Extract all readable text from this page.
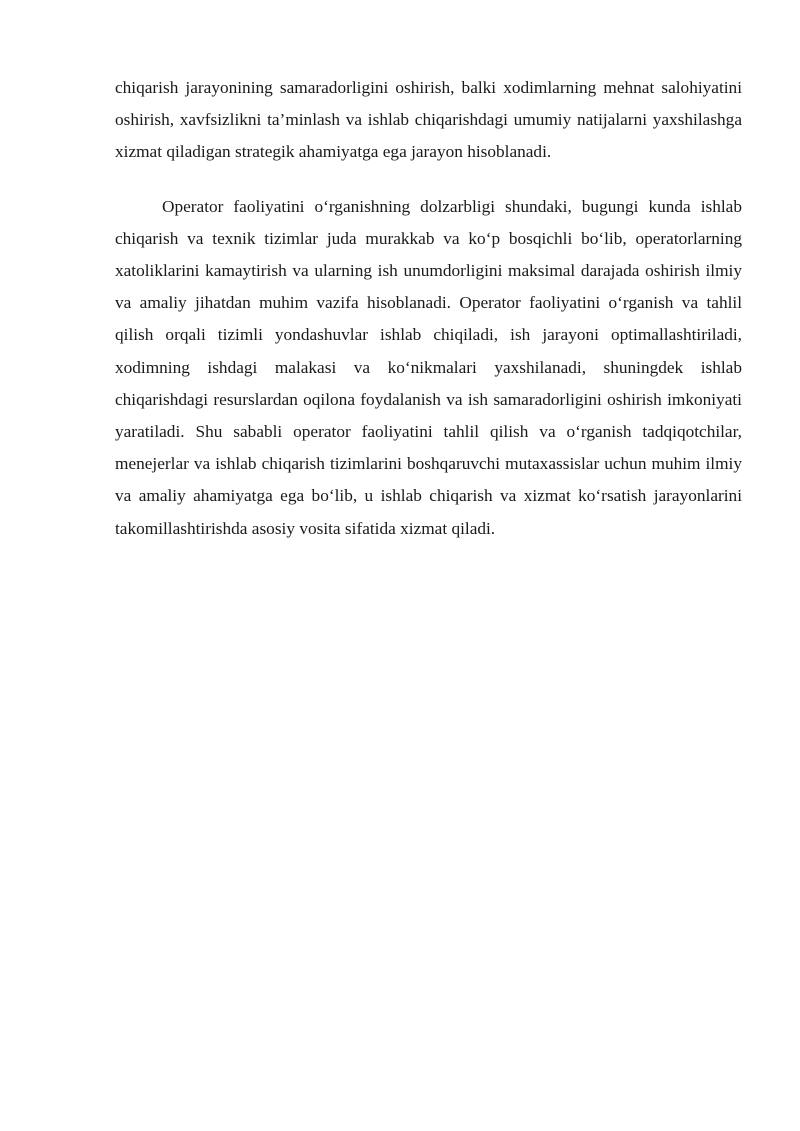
chiqarish jarayonining samaradorligini oshirish, balki xodimlarning mehnat salohiyatini oshirish, xavfsizlikni ta’minlash va ishlab chiqarishdagi umumiy natijalarni yaxshilashga xizmat qiladigan strategik ahamiyatga ega jarayon hisoblanadi.

Operator faoliyatini o‘rganishning dolzarbligi shundaki, bugungi kunda ishlab chiqarish va texnik tizimlar juda murakkab va ko‘p bosqichli bo‘lib, operatorlarning xatoliklarini kamaytirish va ularning ish unumdorligini maksimal darajada oshirish ilmiy va amaliy jihatdan muhim vazifa hisoblanadi. Operator faoliyatini o‘rganish va tahlil qilish orqali tizimli yondashuvlar ishlab chiqiladi, ish jarayoni optimallashtiriladi, xodimning ishdagi malakasi va ko‘nikmalari yaxshilanadi, shuningdek ishlab chiqarishdagi resurslardan oqilona foydalanish va ish samaradorligini oshirish imkoniyati yaratiladi. Shu sababli operator faoliyatini tahlil qilish va o‘rganish tadqiqotchilar, menejerlar va ishlab chiqarish tizimlarini boshqaruvchi mutaxassislar uchun muhim ilmiy va amaliy ahamiyatga ega bo‘lib, u ishlab chiqarish va xizmat ko‘rsatish jarayonlarini takomillashtirishda asosiy vosita sifatida xizmat qiladi.
